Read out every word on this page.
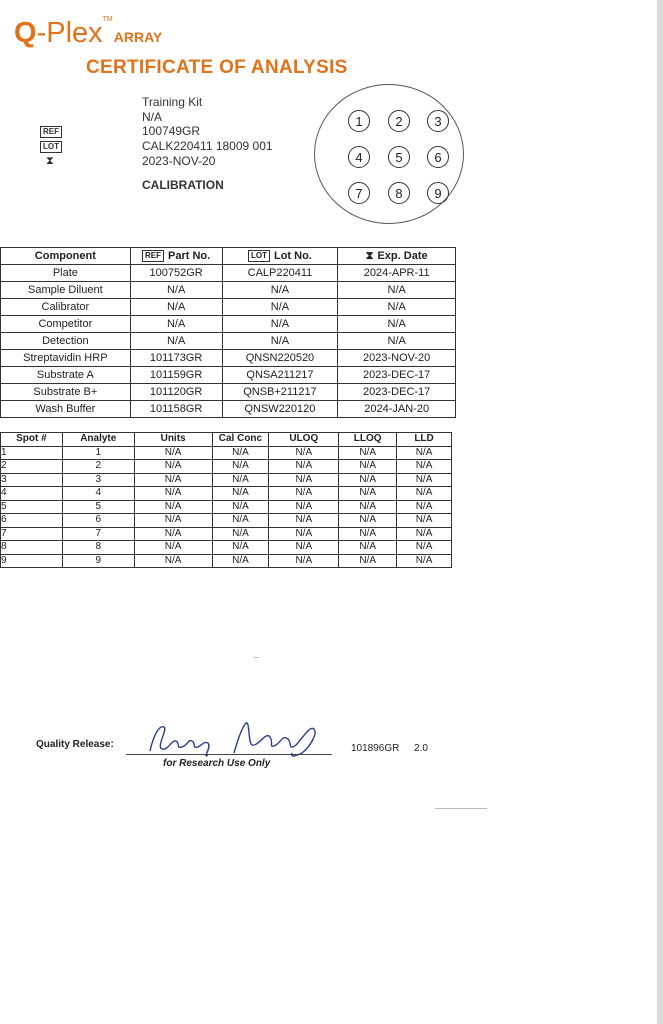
Q -Plex TM
ARRAY
CERTIFICATE OF ANALYSIS
Training Kit
N/A
REF	100749GR
LOT	CALK220411 18009 001
⧗	2023-NOV-20
CALIBRATION
1	2	3
4	5	6
7	8	9
Component	REF Part No.	LOT Lot No.	⧗ Exp. Date
Plate	100752GR	CALP220411	2024-APR-11
Sample Diluent	N/A	N/A	N/A
Calibrator	N/A	N/A	N/A
Competitor	N/A	N/A	N/A
Detection	N/A	N/A	N/A
Streptavidin HRP	101173GR	QNSN220520	2023-NOV-20
Substrate A	101159GR	QNSA211217	2023-DEC-17
Substrate B+	101120GR	QNSB+211217	2023-DEC-17
Wash Buffer	101158GR	QNSW220120	2024-JAN-20
Spot #	Analyte	Units	Cal Conc	ULOQ	LLOQ	LLD
1	1	N/A	N/A	N/A	N/A	N/A
2	2	N/A	N/A	N/A	N/A	N/A
3	3	N/A	N/A	N/A	N/A	N/A
4	4	N/A	N/A	N/A	N/A	N/A
5	5	N/A	N/A	N/A	N/A	N/A
6	6	N/A	N/A	N/A	N/A	N/A
7	7	N/A	N/A	N/A	N/A	N/A
8	8	N/A	N/A	N/A	N/A	N/A
9	9	N/A	N/A	N/A	N/A	N/A
Quality Release:
for Research Use Only
101896GR 2.0
